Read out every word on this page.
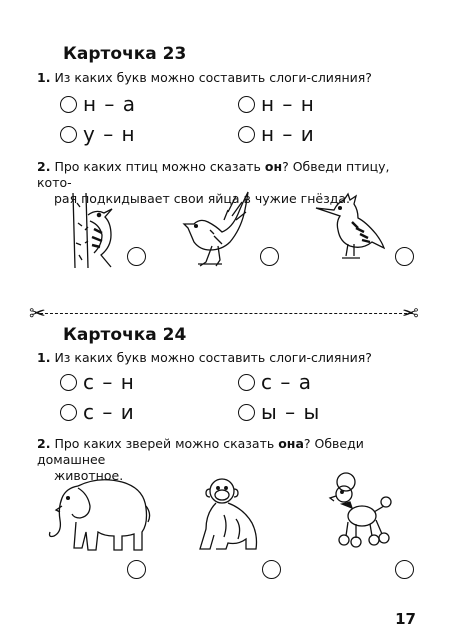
Карточка 23
1. Из каких букв можно составить слоги-слияния?
н – а	н – н
у – н	н – и
2. Про каких птиц можно сказать он? Обведи птицу, кото-
рая подкидывает свои яйца в чужие гнёзда.
✂	✂
Карточка 24
1. Из каких букв можно составить слоги-слияния?
с – н	с – а
с – и	ы – ы
2. Про каких зверей можно сказать она? Обведи домашнее
животное.
17
